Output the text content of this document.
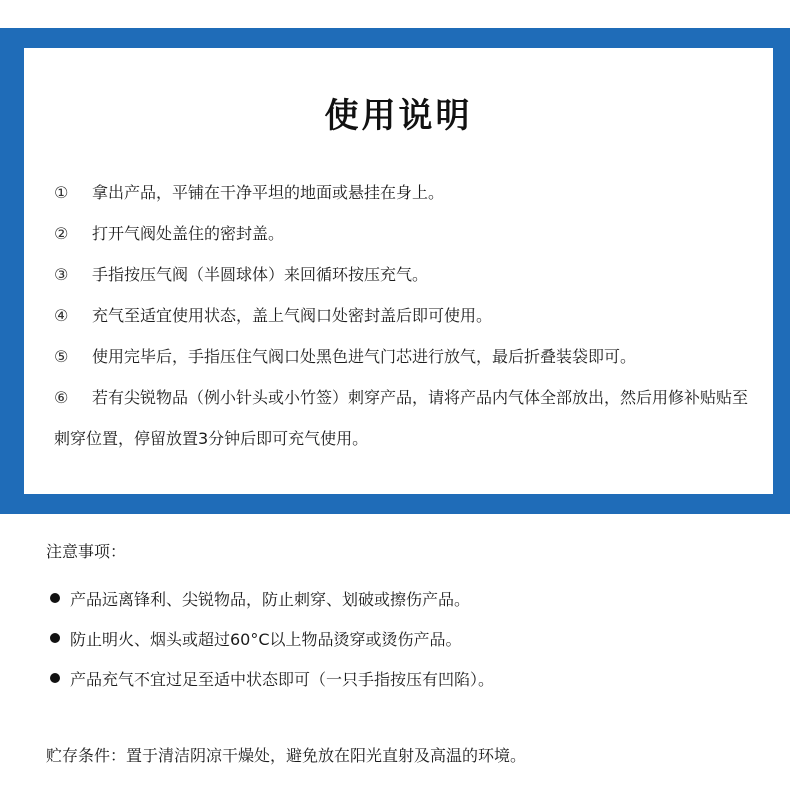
使用说明
①	拿出产品，平铺在干净平坦的地面或悬挂在身上。
②	打开气阀处盖住的密封盖。
③	手指按压气阀（半圆球体）来回循环按压充气。
④	充气至适宜使用状态，盖上气阀口处密封盖后即可使用。
⑤	使用完毕后，手指压住气阀口处黑色进气门芯进行放气，最后折叠装袋即可。
⑥ 若有尖锐物品（例小针头或小竹签）刺穿产品，请将产品内气体全部放出，然后用修补贴贴至刺穿位置，停留放置3分钟后即可充气使用。
注意事项：
产品远离锋利、尖锐物品，防止刺穿、划破或擦伤产品。
防止明火、烟头或超过60°C以上物品烫穿或烫伤产品。
产品充气不宜过足至适中状态即可（一只手指按压有凹陷）。
贮存条件：置于清洁阴凉干燥处，避免放在阳光直射及高温的环境。
